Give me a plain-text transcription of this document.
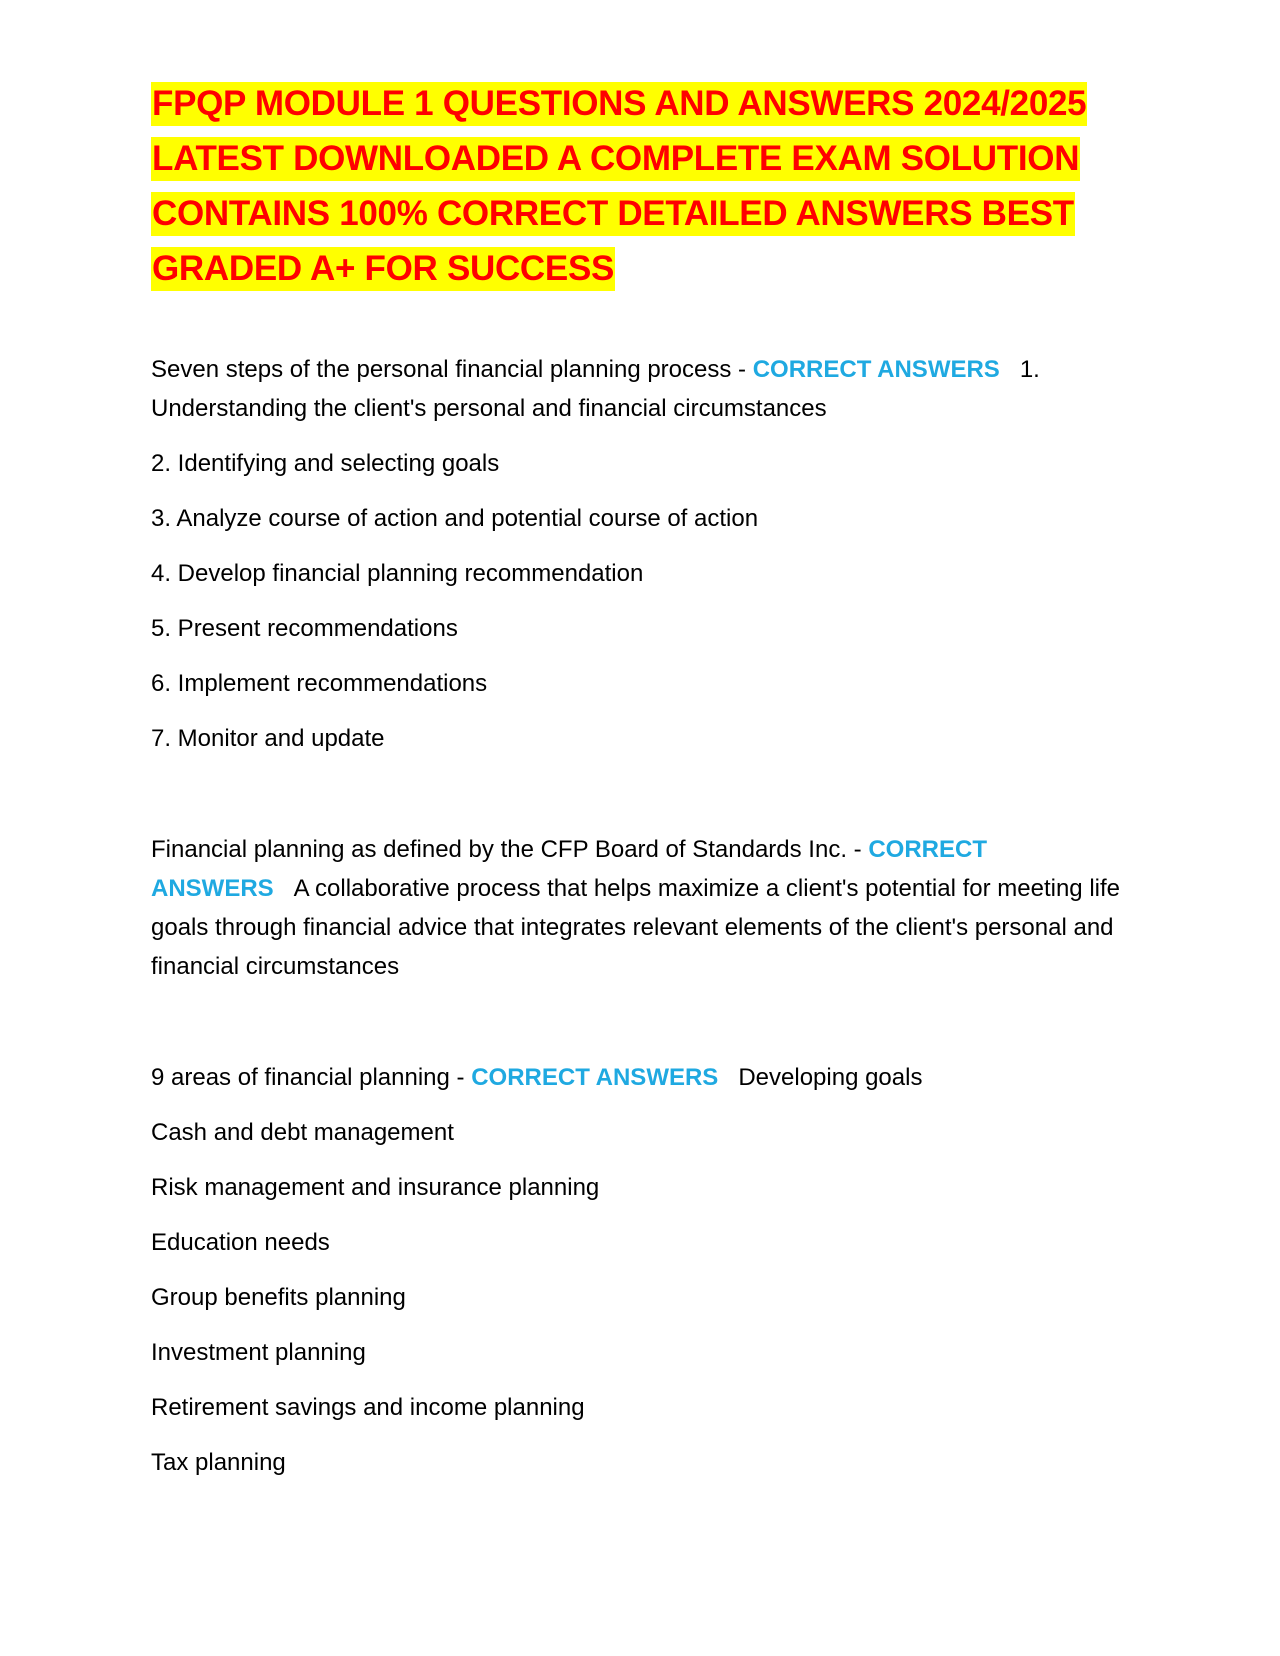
FPQP MODULE 1 QUESTIONS AND ANSWERS 2024/2025 LATEST DOWNLOADED A COMPLETE EXAM SOLUTION CONTAINS 100% CORRECT DETAILED ANSWERS BEST GRADED A+ FOR SUCCESS

Seven steps of the personal financial planning process - CORRECT ANSWERS 1. Understanding the client's personal and financial circumstances

2. Identifying and selecting goals

3. Analyze course of action and potential course of action

4. Develop financial planning recommendation

5. Present recommendations

6. Implement recommendations

7. Monitor and update

Financial planning as defined by the CFP Board of Standards Inc. - CORRECT ANSWERS A collaborative process that helps maximize a client's potential for meeting life goals through financial advice that integrates relevant elements of the client's personal and financial circumstances

9 areas of financial planning - CORRECT ANSWERS Developing goals

Cash and debt management

Risk management and insurance planning

Education needs

Group benefits planning

Investment planning

Retirement savings and income planning

Tax planning
